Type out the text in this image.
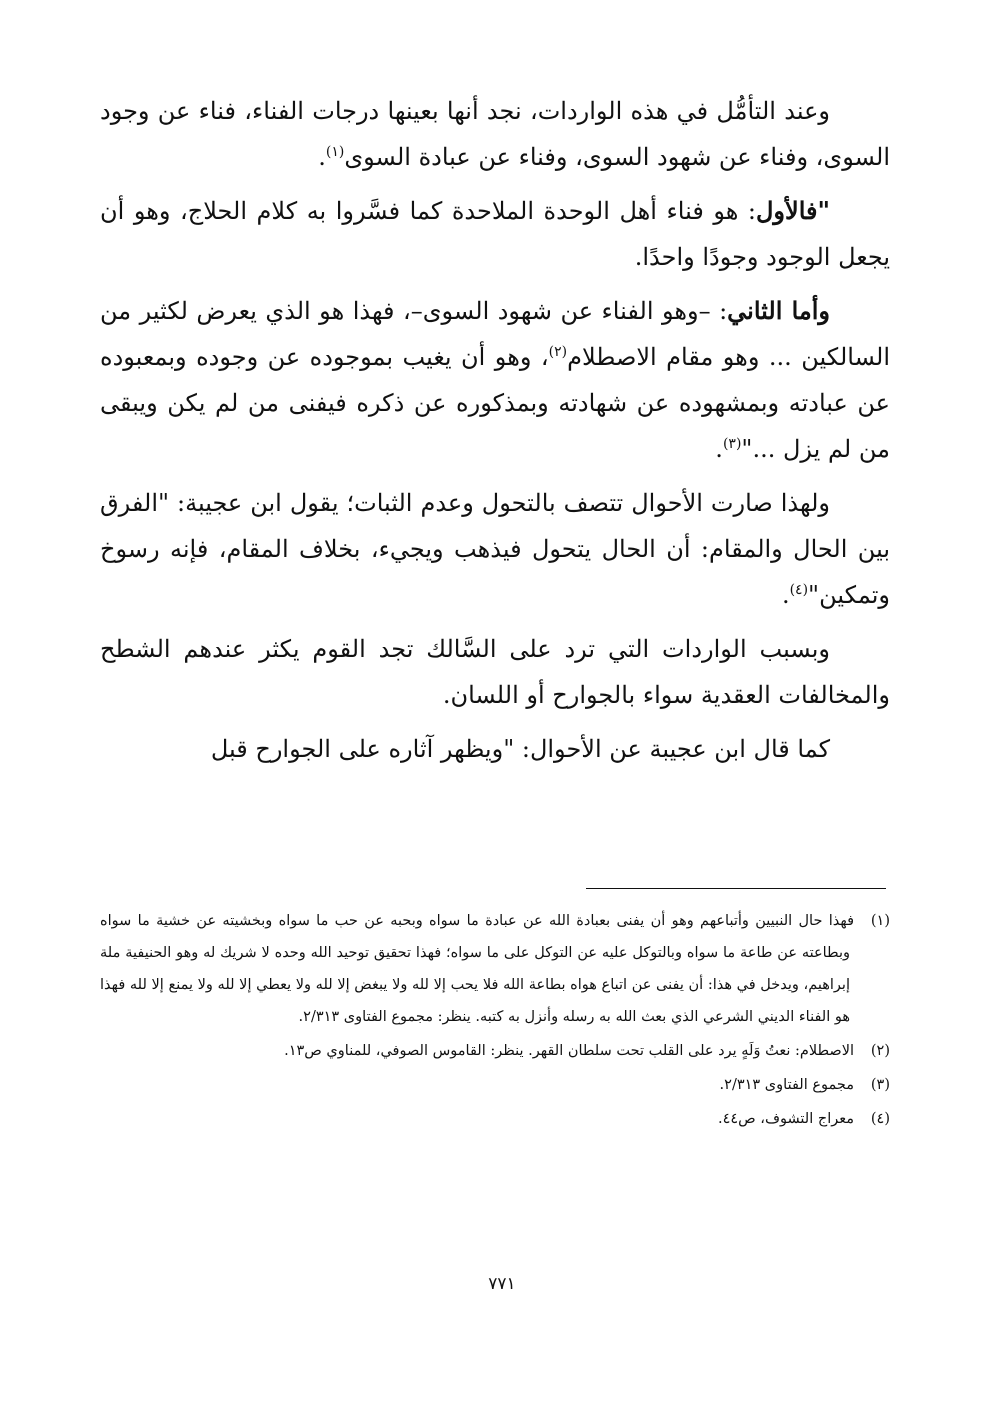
وعند التأمُّل في هذه الواردات، نجد أنها بعينها درجات الفناء، فناء عن وجود السوى، وفناء عن شهود السوى، وفناء عن عبادة السوى$^{(١)}$.

"فالأول: هو فناء أهل الوحدة الملاحدة كما فسَّروا به كلام الحلاج، وهو أن يجعل الوجود وجودًا واحدًا.

وأما الثاني: –وهو الفناء عن شهود السوى–، فهذا هو الذي يعرض لكثير من السالكين ... وهو مقام الاصطلام$^{(٢)}$، وهو أن يغيب بموجوده عن وجوده وبمعبوده عن عبادته وبمشهوده عن شهادته وبمذكوره عن ذكره فيفنى من لم يكن ويبقى من لم يزل ..."$^{(٣)}$.

ولهذا صارت الأحوال تتصف بالتحول وعدم الثبات؛ يقول ابن عجيبة: "الفرق بين الحال والمقام: أن الحال يتحول فيذهب ويجيء، بخلاف المقام، فإنه رسوخ وتمكين"$^{(٤)}$.

وبسبب الواردات التي ترد على السَّالك تجد القوم يكثر عندهم الشطح والمخالفات العقدية سواء بالجوارح أو اللسان.

كما قال ابن عجيبة عن الأحوال: "ويظهر آثاره على الجوارح قبل

(١)فهذا حال النبيين وأتباعهم وهو أن يفنى بعبادة الله عن عبادة ما سواه وبحبه عن حب ما سواه وبخشيته عن خشية ما سواه وبطاعته عن طاعة ما سواه وبالتوكل عليه عن التوكل على ما سواه؛ فهذا تحقيق توحيد الله وحده لا شريك له وهو الحنيفية ملة إبراهيم، ويدخل في هذا: أن يفنى عن اتباع هواه بطاعة الله فلا يحب إلا لله ولا يبغض إلا لله ولا يعطي إلا لله ولا يمنع إلا لله فهذا هو الفناء الديني الشرعي الذي بعث الله به رسله وأنزل به كتبه. ينظر: مجموع الفتاوى ٢/٣١٣.

(٢)الاصطلام: نعتُ وَلَهٍ يرد على القلب تحت سلطان القهر. ينظر: القاموس الصوفي، للمناوي ص١٣.

(٣)مجموع الفتاوى ٢/٣١٣.

(٤)معراج التشوف، ص٤٤.

٧٧١
